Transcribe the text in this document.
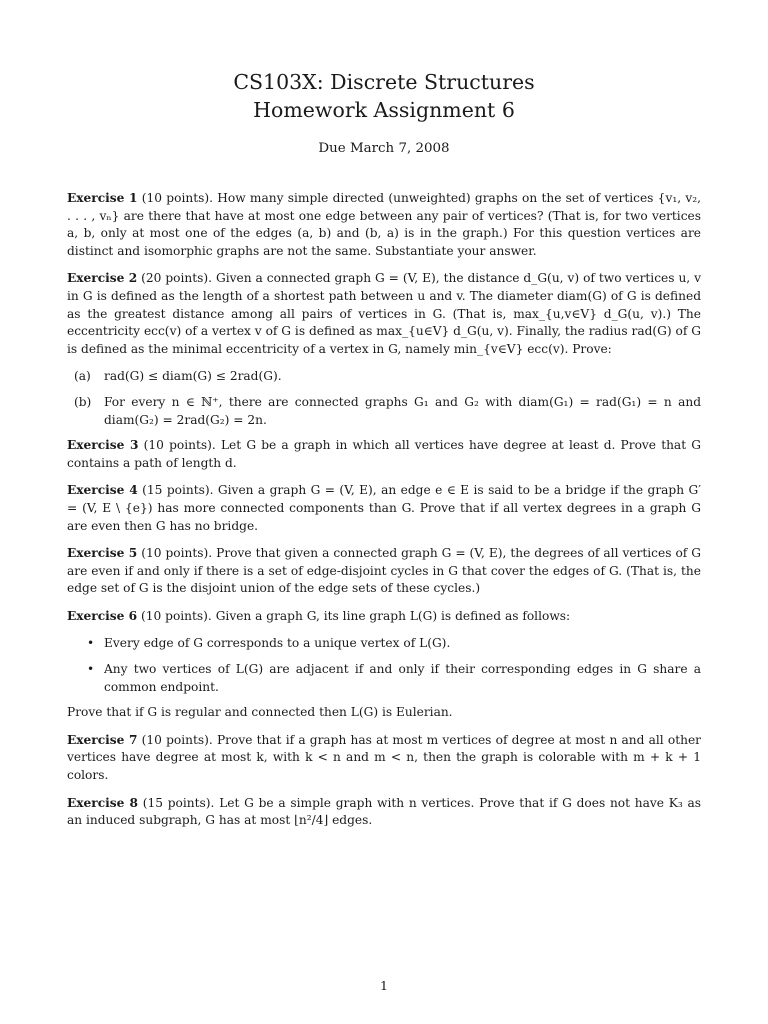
CS103X: Discrete Structures
Homework Assignment 6
Due March 7, 2008

Exercise 1 (10 points). How many simple directed (unweighted) graphs on the set of vertices {v₁, v₂, . . . , vₙ} are there that have at most one edge between any pair of vertices? (That is, for two vertices a, b, only at most one of the edges (a, b) and (b, a) is in the graph.) For this question vertices are distinct and isomorphic graphs are not the same. Substantiate your answer.

Exercise 2 (20 points). Given a connected graph G = (V, E), the distance d_G(u, v) of two vertices u, v in G is defined as the length of a shortest path between u and v. The diameter diam(G) of G is defined as the greatest distance among all pairs of vertices in G. (That is, max_{u,v∈V} d_G(u, v).) The eccentricity ecc(v) of a vertex v of G is defined as max_{u∈V} d_G(u, v). Finally, the radius rad(G) of G is defined as the minimal eccentricity of a vertex in G, namely min_{v∈V} ecc(v). Prove:

(a) rad(G) ≤ diam(G) ≤ 2rad(G).
(b) For every n ∈ ℕ⁺, there are connected graphs G₁ and G₂ with diam(G₁) = rad(G₁) = n and diam(G₂) = 2rad(G₂) = 2n.

Exercise 3 (10 points). Let G be a graph in which all vertices have degree at least d. Prove that G contains a path of length d.

Exercise 4 (15 points). Given a graph G = (V, E), an edge e ∈ E is said to be a bridge if the graph G′ = (V, E \ {e}) has more connected components than G. Prove that if all vertex degrees in a graph G are even then G has no bridge.

Exercise 5 (10 points). Prove that given a connected graph G = (V, E), the degrees of all vertices of G are even if and only if there is a set of edge-disjoint cycles in G that cover the edges of G. (That is, the edge set of G is the disjoint union of the edge sets of these cycles.)

Exercise 6 (10 points). Given a graph G, its line graph L(G) is defined as follows:

• Every edge of G corresponds to a unique vertex of L(G).
• Any two vertices of L(G) are adjacent if and only if their corresponding edges in G share a common endpoint.

Prove that if G is regular and connected then L(G) is Eulerian.

Exercise 7 (10 points). Prove that if a graph has at most m vertices of degree at most n and all other vertices have degree at most k, with k < n and m < n, then the graph is colorable with m + k + 1 colors.

Exercise 8 (15 points). Let G be a simple graph with n vertices. Prove that if G does not have K₃ as an induced subgraph, G has at most ⌊n²/4⌋ edges.

1
